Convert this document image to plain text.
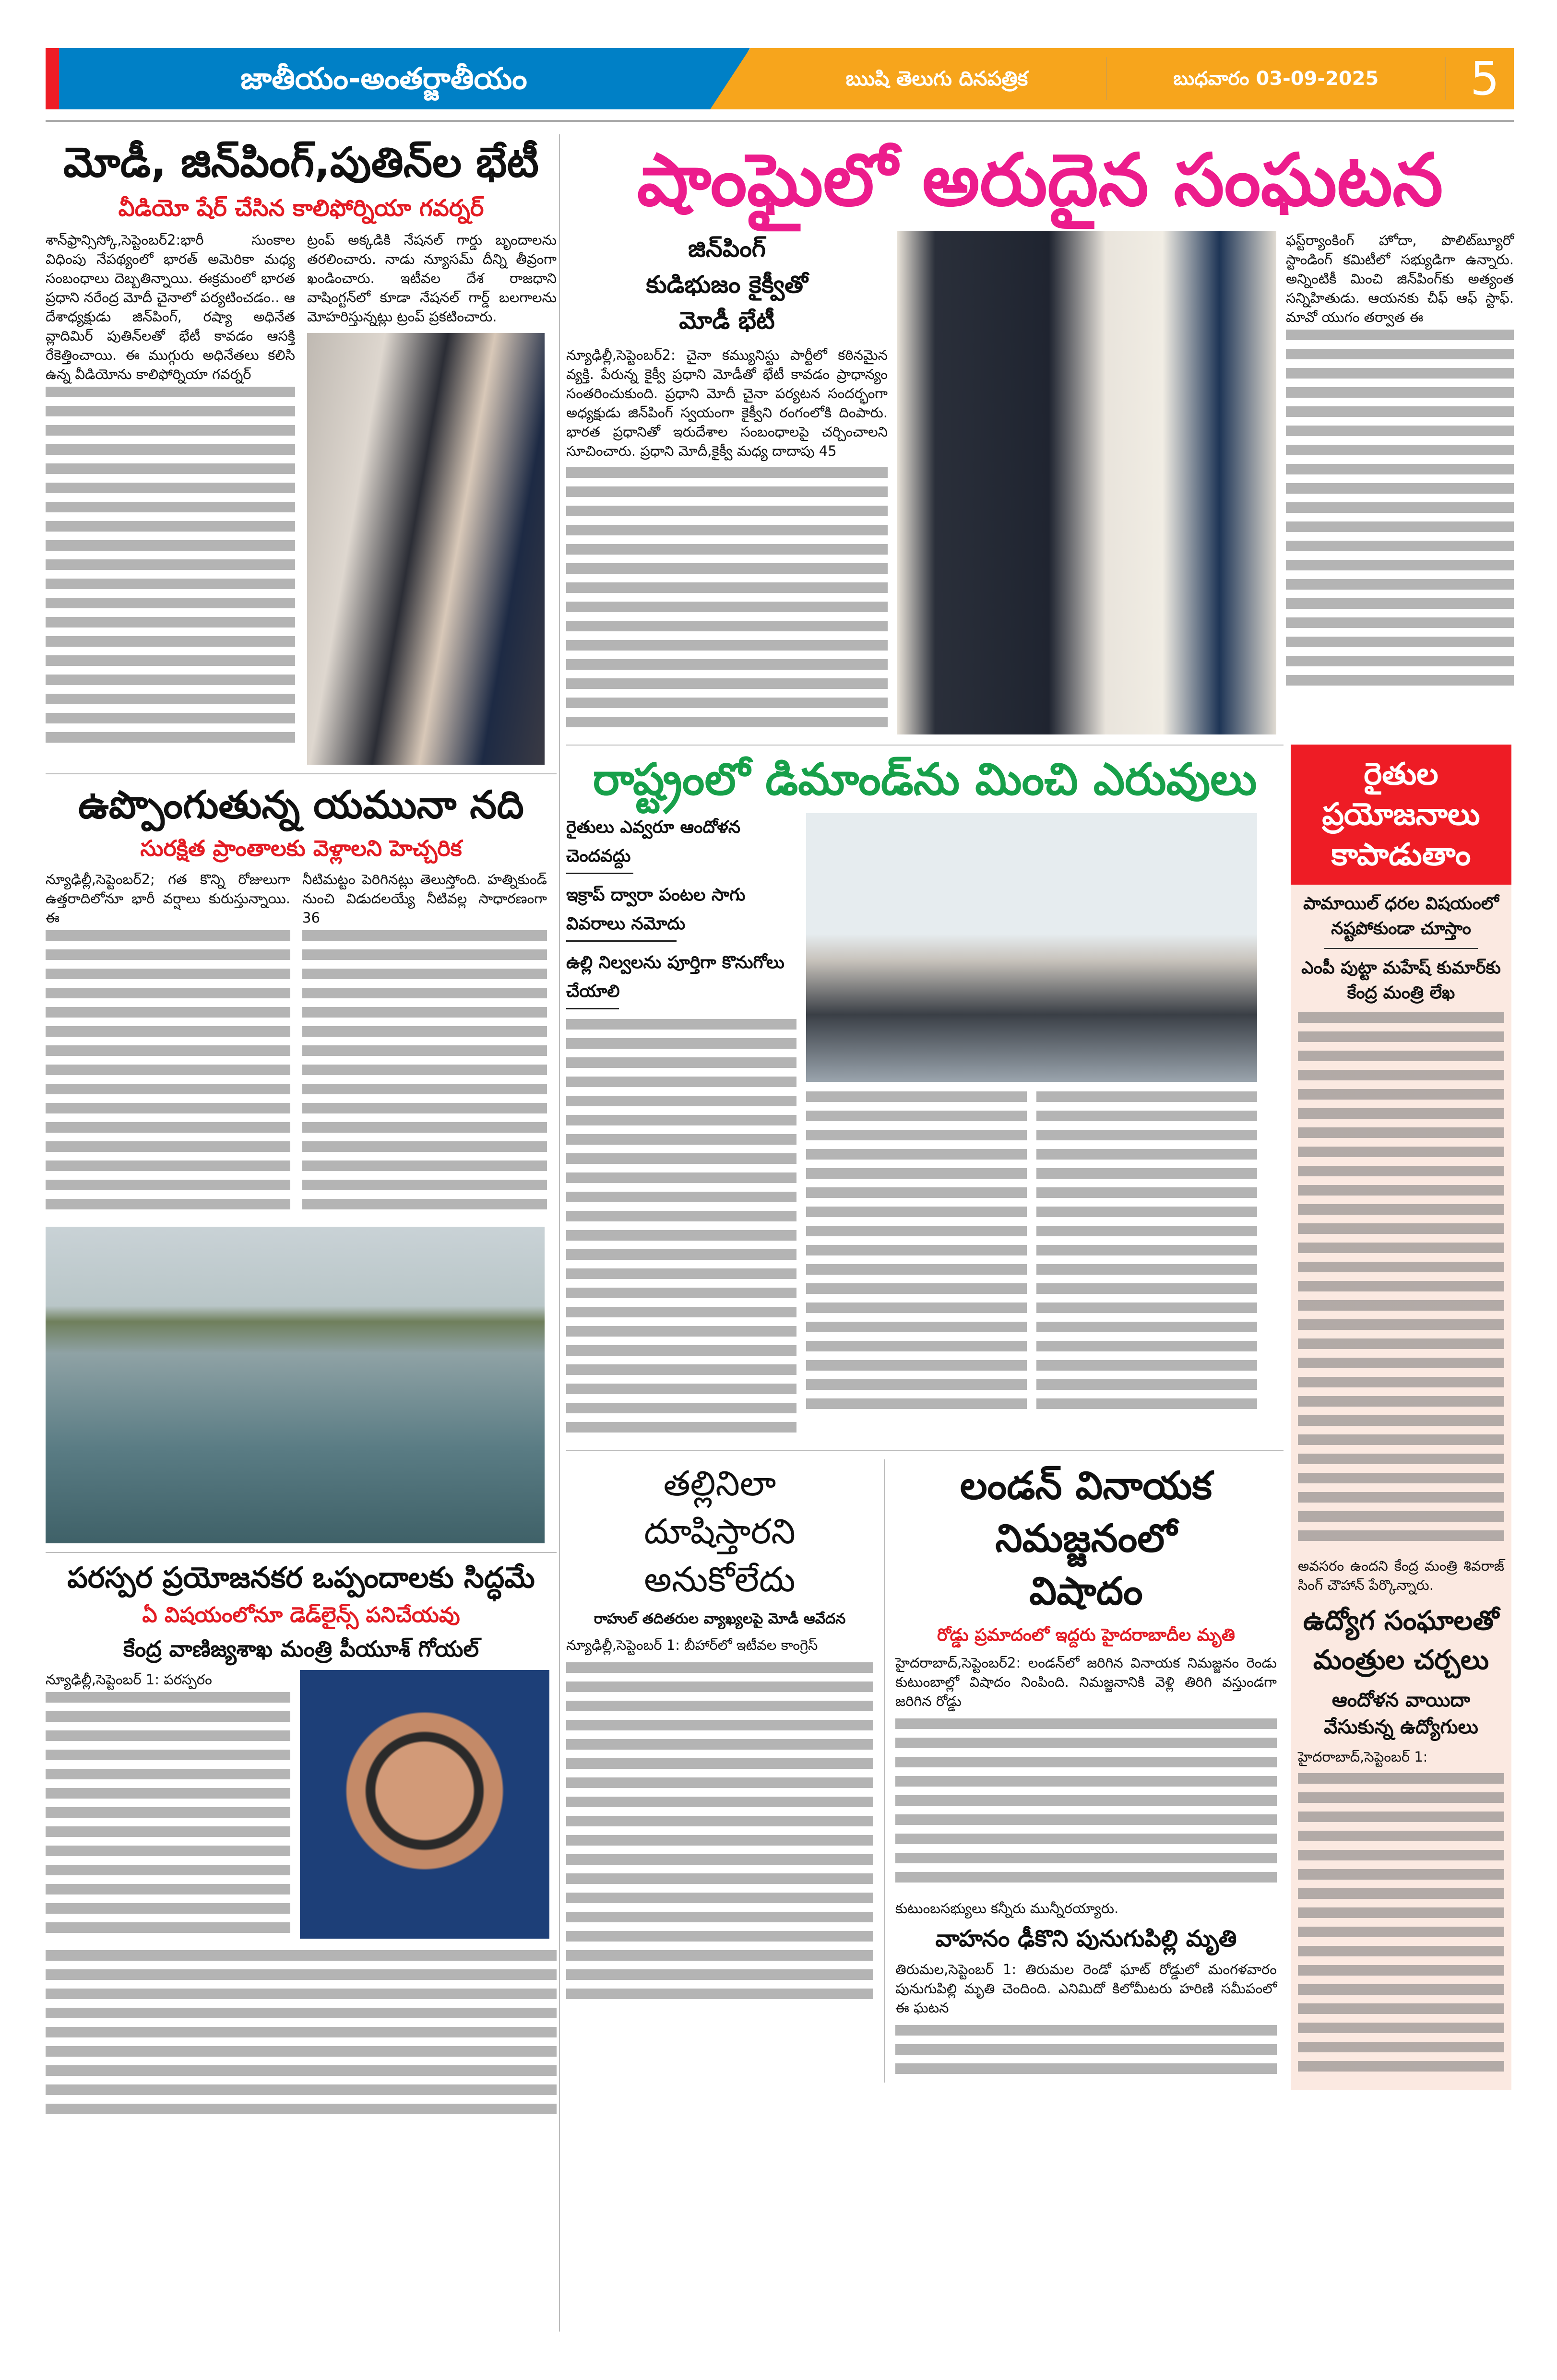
జాతీయం-అంతర్జాతీయం	ఋషి తెలుగు దినపత్రిక	బుధవారం 03-09-2025	5
మోడీ, జిన్‌పింగ్,పుతిన్‌ల భేటీ
వీడియో షేర్ చేసిన కాలిఫోర్నియా గవర్నర్
శాన్‌ఫ్రాన్సిస్కో,సెప్టెంబర్2:భారీ సుంకాల విధింపు నేపథ్యంలో భారత్ అమెరికా మధ్య సంబంధాలు దెబ్బతిన్నాయి. ఈక్రమంలో భారత ప్రధాని నరేంద్ర మోదీ చైనాలో పర్యటించడం.. ఆ దేశాధ్యక్షుడు జిన్‌పింగ్, రష్యా అధినేత వ్లాదిమిర్ పుతిన్‌లతో భేటీ కావడం ఆసక్తి రేకెత్తించాయి. ఈ ముగ్గురు అధినేతలు కలిసి ఉన్న వీడియోను కాలిఫోర్నియా గవర్నర్
ట్రంప్ అక్కడికి నేషనల్ గార్డు బృందాలను తరలించారు. నాడు న్యూసమ్ దీన్ని తీవ్రంగా ఖండించారు. ఇటీవల దేశ రాజధాని వాషింగ్టన్‌లో కూడా నేషనల్ గార్డ్ బలగాలను మోహరిస్తున్నట్లు ట్రంప్ ప్రకటించారు.
ఉప్పొంగుతున్న యమునా నది
సురక్షిత ప్రాంతాలకు వెళ్లాలని హెచ్చరిక
న్యూఢిల్లీ,సెప్టెంబర్2; గత కొన్ని రోజులుగా ఉత్తరాదిలోనూ భారీ వర్షాలు కురుస్తున్నాయి. ఈ
నీటిమట్టం పెరిగినట్లు తెలుస్తోంది. హత్నికుండ్ నుంచి విడుదలయ్యే నీటివల్ల సాధారణంగా 36
పరస్పర ప్రయోజనకర ఒప్పందాలకు సిద్ధమే
ఏ విషయంలోనూ డెడ్‌లైన్స్ పనిచేయవు
కేంద్ర వాణిజ్యశాఖ మంత్రి పీయూశ్ గోయల్
న్యూఢిల్లీ,సెప్టెంబర్ 1: పరస్పరం
షాంఘైలో అరుదైన సంఘటన
జిన్‌పింగ్ కుడిభుజం కైక్వీతో మోడీ భేటీ
న్యూఢిల్లీ,సెప్టెంబర్2: చైనా కమ్యునిస్టు పార్టీలో కఠినమైన వ్యక్తి. పేరున్న కైక్వీ ప్రధాని మోడీతో భేటీ కావడం ప్రాధాన్యం సంతరించుకుంది. ప్రధాని మోదీ చైనా పర్యటన సందర్భంగా అధ్యక్షుడు జిన్‌పింగ్ స్వయంగా కైక్వీని రంగంలోకి దింపారు. భారత ప్రధానితో ఇరుదేశాల సంబంధాలపై చర్చించాలని సూచించారు. ప్రధాని మోదీ,కైక్వీ మధ్య దాదాపు 45
ఫస్ట్‌ర్యాంకింగ్ హోదా, పొలిట్‌బ్యూరో స్టాండింగ్ కమిటీలో సభ్యుడిగా ఉన్నారు. అన్నింటికీ మించి జిన్‌పింగ్‌కు అత్యంత సన్నిహితుడు. ఆయనకు చీఫ్ ఆఫ్ స్టాఫ్. మావో యుగం తర్వాత ఈ
రాష్ట్రంలో డిమాండ్‌ను మించి ఎరువులు
రైతులు ఎవ్వరూ ఆందోళన చెందవద్దు
ఇక్రాప్ ద్వారా పంటల సాగు వివరాలు నమోదు
ఉల్లి నిల్వలను పూర్తిగా కొనుగోలు చేయాలి
తల్లినిలా దూషిస్తారని అనుకోలేదు
రాహుల్ తదితరుల వ్యాఖ్యలపై మోడీ ఆవేదన
న్యూఢిల్లీ,సెప్టెంబర్ 1: బీహార్‌లో ఇటీవల కాంగ్రెస్
లండన్ వినాయక నిమజ్జనంలో విషాదం
రోడ్డు ప్రమాదంలో ఇద్దరు హైదరాబాదీల మృతి
హైదరాబాద్,సెప్టెంబర్2: లండన్‌లో జరిగిన వినాయక నిమజ్జనం రెండు కుటుంబాల్లో విషాదం నింపింది. నిమజ్జనానికి వెళ్లి తిరిగి వస్తుండగా జరిగిన రోడ్డు
కుటుంబసభ్యులు కన్నీరు మున్నీరయ్యారు.
వాహనం ఢీకొని పునుగుపిల్లి మృతి
తిరుమల,సెప్టెంబర్ 1: తిరుమల రెండో ఘాట్ రోడ్డులో మంగళవారం పునుగుపిల్లి మృతి చెందింది. ఎనిమిదో కిలోమీటరు హరిణి సమీపంలో ఈ ఘటన
రైతుల ప్రయోజనాలు కాపాడుతాం
పామాయిల్ ధరల విషయంలో నష్టపోకుండా చూస్తాం
ఎంపీ పుట్టా మహేష్ కుమార్‌కు కేంద్ర మంత్రి లేఖ
అవసరం ఉందని కేంద్ర మంత్రి శివరాజ్ సింగ్ చౌహాన్ పేర్కొన్నారు.
ఉద్యోగ సంఘాలతో మంత్రుల చర్చలు
ఆందోళన వాయిదా వేసుకున్న ఉద్యోగులు
హైదరాబాద్,సెప్టెంబర్ 1:
